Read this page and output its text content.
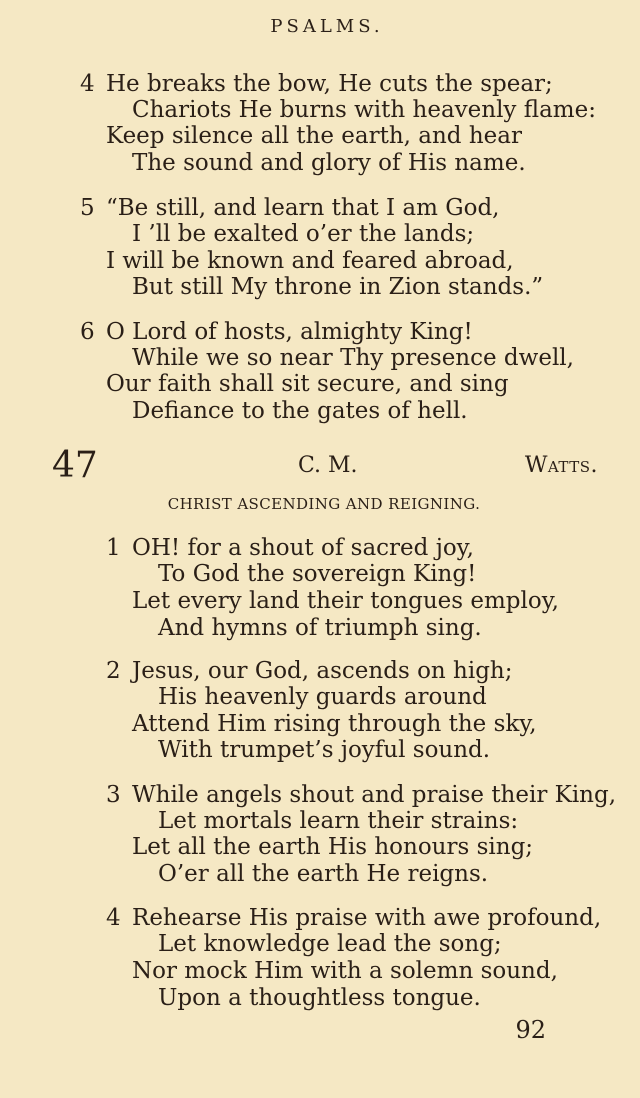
PSALMS.
4 He breaks the bow, He cuts the spear;
Chariots He burns with heavenly flame:
Keep silence all the earth, and hear
The sound and glory of His name.
5 “Be still, and learn that I am God,
I ’ll be exalted o’er the lands;
I will be known and feared abroad,
But still My throne in Zion stands.”
6 O Lord of hosts, almighty King!
While we so near Thy presence dwell,
Our faith shall sit secure, and sing
Defiance to the gates of hell.
47	C. M.	Watts.
CHRIST ASCENDING AND REIGNING.
1 OH! for a shout of sacred joy,
To God the sovereign King!
Let every land their tongues employ,
And hymns of triumph sing.
2 Jesus, our God, ascends on high;
His heavenly guards around
Attend Him rising through the sky,
With trumpet’s joyful sound.
3 While angels shout and praise their King,
Let mortals learn their strains:
Let all the earth His honours sing;
O’er all the earth He reigns.
4 Rehearse His praise with awe profound,
Let knowledge lead the song;
Nor mock Him with a solemn sound,
Upon a thoughtless tongue.
92
